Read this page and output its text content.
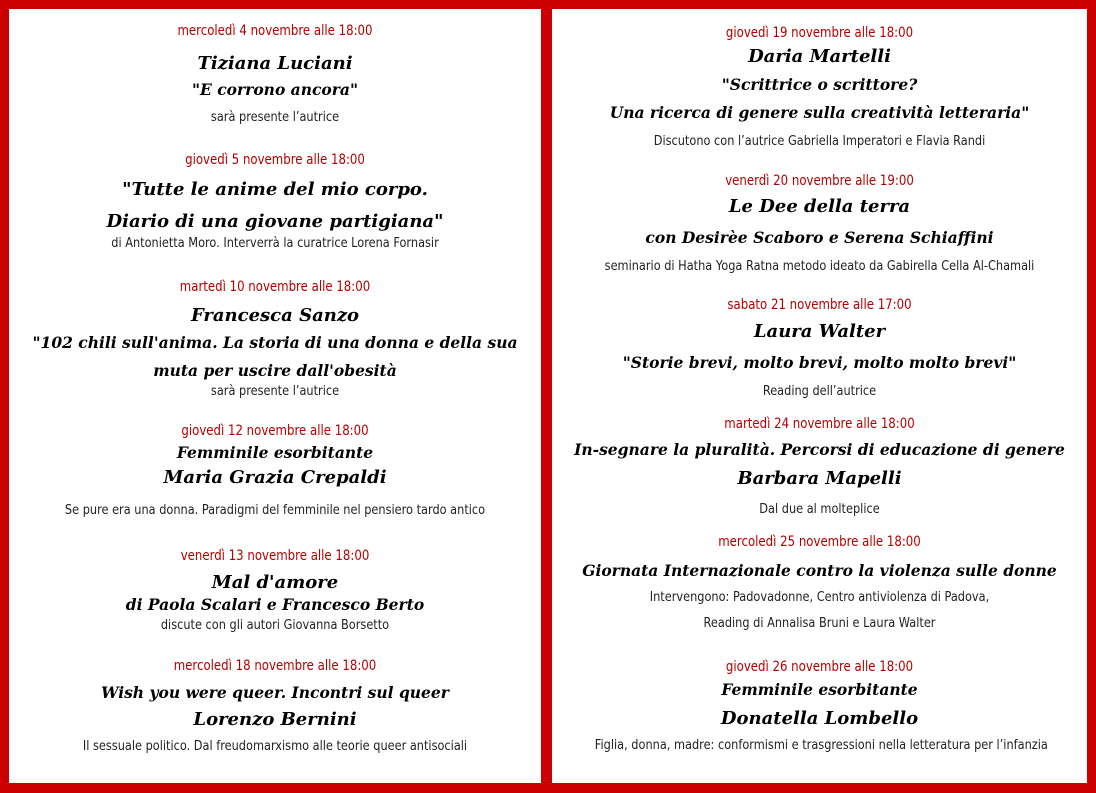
mercoledì 4 novembre alle 18:00
Tiziana Luciani
"E corrono ancora"
sarà presente l’autrice
giovedì 5 novembre alle 18:00
"Tutte le anime del mio corpo.
Diario di una giovane partigiana"
di Antonietta Moro. Interverrà la curatrice Lorena Fornasir
martedì 10 novembre alle 18:00
Francesca Sanzo
"102 chili sull'anima. La storia di una donna e della sua
muta per uscire dall'obesità
sarà presente l’autrice
giovedì 12 novembre alle 18:00
Femminile esorbitante
Maria Grazia Crepaldi
Se pure era una donna. Paradigmi del femminile nel pensiero tardo antico
venerdì 13 novembre alle 18:00
Mal d'amore
di Paola Scalari e Francesco Berto
discute con gli autori Giovanna Borsetto
mercoledì 18 novembre alle 18:00
Wish you were queer. Incontri sul queer
Lorenzo Bernini
Il sessuale politico. Dal freudomarxismo alle teorie queer antisociali
giovedì 19 novembre alle 18:00
Daria Martelli
"Scrittrice o scrittore?
Una ricerca di genere sulla creatività letteraria"
Discutono con l’autrice Gabriella Imperatori e Flavia Randi
venerdì 20 novembre alle 19:00
Le Dee della terra
con Desirèe Scaboro e Serena Schiaffini
seminario di Hatha Yoga Ratna metodo ideato da Gabirella Cella Al-Chamali
sabato 21 novembre alle 17:00
Laura Walter
"Storie brevi, molto brevi, molto molto brevi"
Reading dell’autrice
martedì 24 novembre alle 18:00
In-segnare la pluralità. Percorsi di educazione di genere
Barbara Mapelli
Dal due al molteplice
mercoledì 25 novembre alle 18:00
Giornata Internazionale contro la violenza sulle donne
Intervengono: Padovadonne, Centro antiviolenza di Padova,
Reading di Annalisa Bruni e Laura Walter
giovedì 26 novembre alle 18:00
Femminile esorbitante
Donatella Lombello
Figlia, donna, madre: conformismi e trasgressioni nella letteratura per l’infanzia
